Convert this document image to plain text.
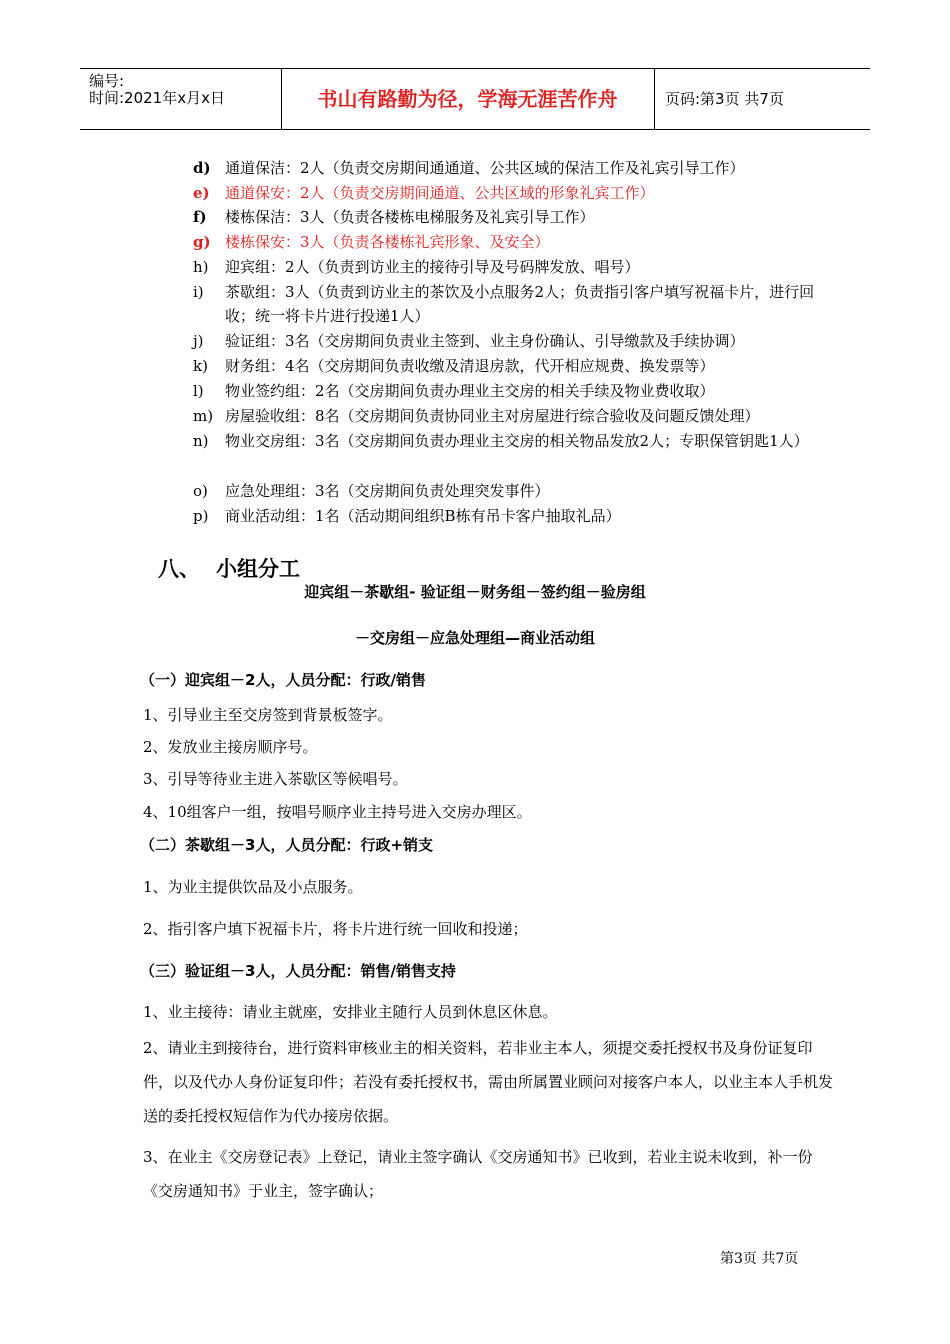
编号:
时间:2021年x月x日	书山有路勤为径，学海无涯苦作舟	页码:第3页 共7页
d) 通道保洁：2人（负责交房期间通通道、公共区域的保洁工作及礼宾引导工作）
e)	通道保安：2人（负责交房期间通道、公共区域的形象礼宾工作）
f)	楼栋保洁：3人（负责各楼栋电梯服务及礼宾引导工作）
g) 楼栋保安：3人（负责各楼栋礼宾形象、及安全）
h)	迎宾组：2人（负责到访业主的接待引导及号码牌发放、唱号）
i)	茶歇组：3人（负责到访业主的茶饮及小点服务2人；负责指引客户填写祝福卡片，进行回收；统一将卡片进行投递1人）
j)	验证组：3名（交房期间负责业主签到、业主身份确认、引导缴款及手续协调）
k)	财务组：4名（交房期间负责收缴及清退房款，代开相应规费、换发票等）
l)	物业签约组：2名（交房期间负责办理业主交房的相关手续及物业费收取）
m) 房屋验收组：8名（交房期间负责协同业主对房屋进行综合验收及问题反馈处理）
n)	物业交房组：3名（交房期间负责办理业主交房的相关物品发放2人；专职保管钥匙1人）
o)	应急处理组：3名（交房期间负责处理突发事件）
p)	商业活动组：1名（活动期间组织B栋有吊卡客户抽取礼品）
八、 小组分工
迎宾组－茶歇组- 验证组－财务组－签约组－验房组
－交房组－应急处理组—商业活动组
（一）迎宾组－2人，人员分配：行政/销售
1、引导业主至交房签到背景板签字。
2、发放业主接房顺序号。
3、引导等待业主进入茶歇区等候唱号。
4、10组客户一组，按唱号顺序业主持号进入交房办理区。
（二）茶歇组－3人，人员分配：行政+销支
1、为业主提供饮品及小点服务。
2、指引客户填下祝福卡片，将卡片进行统一回收和投递；
（三）验证组－3人，人员分配：销售/销售支持
1、业主接待：请业主就座，安排业主随行人员到休息区休息。
2、请业主到接待台，进行资料审核业主的相关资料，若非业主本人，须提交委托授权书及身份证复印件，以及代办人身份证复印件；若没有委托授权书，需由所属置业顾问对接客户本人，以业主本人手机发送的委托授权短信作为代办接房依据。
3、在业主《交房登记表》上登记，请业主签字确认《交房通知书》已收到，若业主说未收到，补一份《交房通知书》于业主，签字确认；
第3页 共7页
